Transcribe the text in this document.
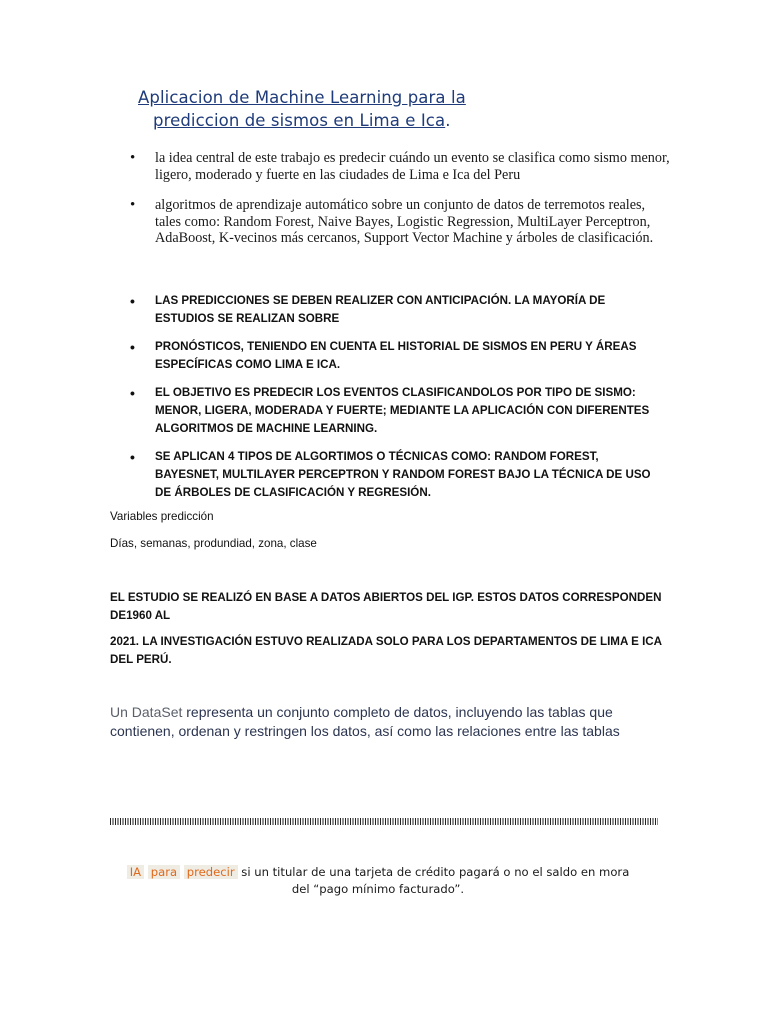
Aplicacion de Machine Learning para la
prediccion de sismos en Lima e Ica.
• la idea central de este trabajo es predecir cuándo un evento se clasifica como sismo menor, ligero, moderado y fuerte en las ciudades de Lima e Ica del Peru
• algoritmos de aprendizaje automático sobre un conjunto de datos de terremotos reales, tales como: Random Forest, Naive Bayes, Logistic Regression, MultiLayer Perceptron, AdaBoost, K-vecinos más cercanos, Support Vector Machine y árboles de clasificación.
• LAS PREDICCIONES SE DEBEN REALIZER CON ANTICIPACIÓN. LA MAYORÍA DE ESTUDIOS SE REALIZAN SOBRE
• PRONÓSTICOS, TENIENDO EN CUENTA EL HISTORIAL DE SISMOS EN PERU Y ÁREAS ESPECÍFICAS COMO LIMA E ICA.
• EL OBJETIVO ES PREDECIR LOS EVENTOS CLASIFICANDOLOS POR TIPO DE SISMO: MENOR, LIGERA, MODERADA Y FUERTE; MEDIANTE LA APLICACIÓN CON DIFERENTES ALGORITMOS DE MACHINE LEARNING.
• SE APLICAN 4 TIPOS DE ALGORTIMOS O TÉCNICAS COMO: RANDOM FOREST, BAYESNET, MULTILAYER PERCEPTRON Y RANDOM FOREST BAJO LA TÉCNICA DE USO DE ÁRBOLES DE CLASIFICACIÓN Y REGRESIÓN.
Variables predicción
Días, semanas, produndiad, zona, clase
EL ESTUDIO SE REALIZÓ EN BASE A DATOS ABIERTOS DEL IGP. ESTOS DATOS CORRESPONDEN DE1960 AL
2021. LA INVESTIGACIÓN ESTUVO REALIZADA SOLO PARA LOS DEPARTAMENTOS DE LIMA E ICA DEL PERÚ.
Un DataSet representa un conjunto completo de datos, incluyendo las tablas que contienen, ordenan y restringen los datos, así como las relaciones entre las tablas
IA para predecir si un titular de una tarjeta de crédito pagará o no el saldo en mora del “pago mínimo facturado”.
